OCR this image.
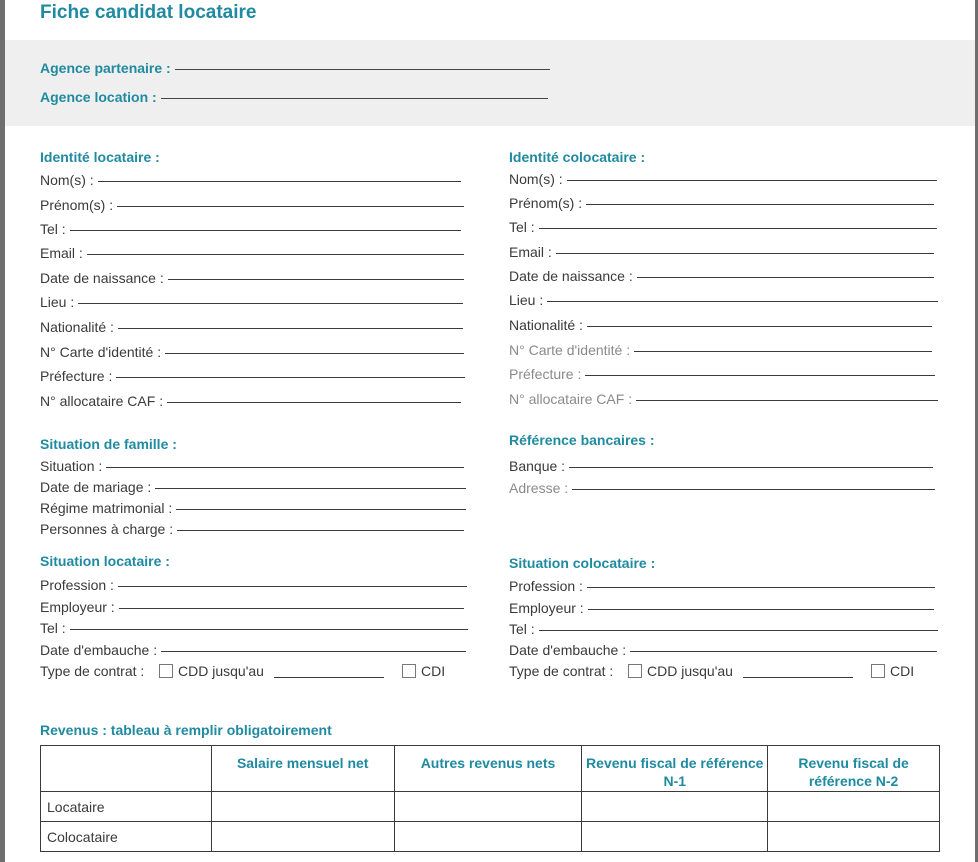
Fiche candidat locataire
Agence partenaire :
Agence location :
Identité locataire :
Nom(s) :
Prénom(s) :
Tel :
Email :
Date de naissance :
Lieu :
Nationalité :
N° Carte d'identité :
Préfecture :
N° allocataire CAF :
Identité colocataire :
Nom(s) :
Prénom(s) :
Tel :
Email :
Date de naissance :
Lieu :
Nationalité :
N° Carte d'identité :
Préfecture :
N° allocataire CAF :
Situation de famille :
Situation :
Date de mariage :
Régime matrimonial :
Personnes à charge :
Référence bancaires :
Banque :
Adresse :
Situation locataire :
Profession :
Employeur :
Tel :
Date d'embauche :
Type de contrat : CDD jusqu'au	CDI
Situation colocataire :
Profession :
Employeur :
Tel :
Date d'embauche :
Type de contrat : CDD jusqu'au	CDI
Revenus : tableau à remplir obligatoirement
	Salaire mensuel net	Autres revenus nets	Revenu fiscal de référence N-1	Revenu fiscal de référence N-2
Locataire				
Colocataire				
